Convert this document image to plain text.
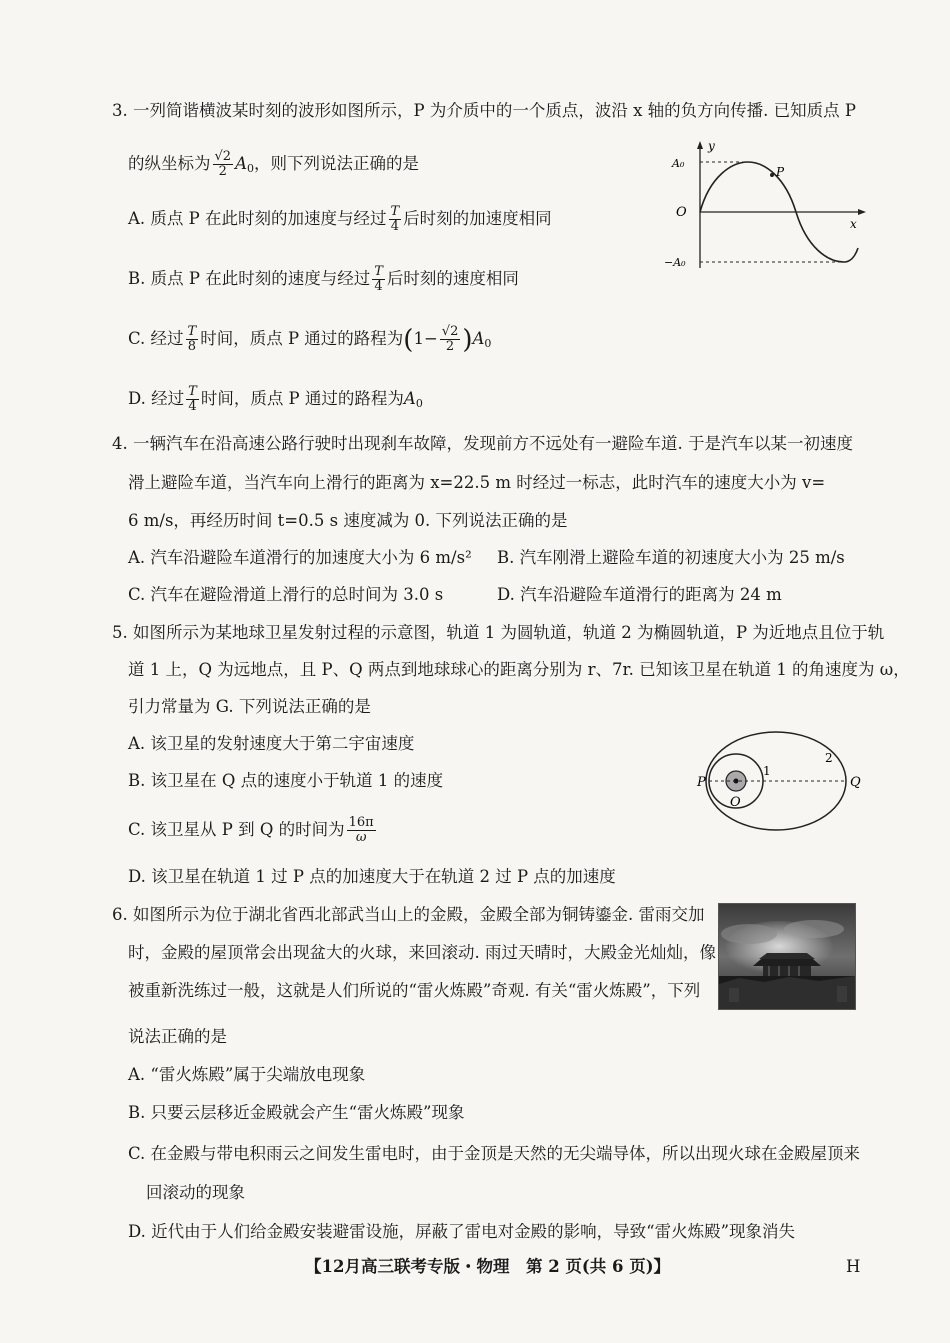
3. 一列简谐横波某时刻的波形如图所示，P 为介质中的一个质点，波沿 x 轴的负方向传播. 已知质点 P
的纵坐标为 $\frac{√2}{2} A_0$，则下列说法正确的是
A. 质点 P 在此时刻的加速度与经过 $\frac{T}{4}$ 后时刻的加速度相同
B. 质点 P 在此时刻的速度与经过 $\frac{T}{4}$ 后时刻的速度相同
C. 经过 $\frac{T}{8}$ 时间，质点 P 通过的路程为$(1- \frac{√2}{2} )A_0$
D. 经过 $\frac{T}{4}$ 时间，质点 P 通过的路程为$A_0$
y
x
O
A₀
−A₀
P
4. 一辆汽车在沿高速公路行驶时出现刹车故障，发现前方不远处有一避险车道. 于是汽车以某一初速度
滑上避险车道，当汽车向上滑行的距离为 x=22.5 m 时经过一标志，此时汽车的速度大小为 v=
6 m/s，再经历时间 t=0.5 s 速度减为 0. 下列说法正确的是
A. 汽车沿避险车道滑行的加速度大小为 6 m/s² B. 汽车刚滑上避险车道的初速度大小为 25 m/s
C. 汽车在避险滑道上滑行的总时间为 3.0 s	D. 汽车沿避险车道滑行的距离为 24 m
5. 如图所示为某地球卫星发射过程的示意图，轨道 1 为圆轨道，轨道 2 为椭圆轨道，P 为近地点且位于轨
道 1 上，Q 为远地点，且 P、Q 两点到地球球心的距离分别为 r、7r. 已知该卫星在轨道 1 的角速度为 ω，
引力常量为 G. 下列说法正确的是
A. 该卫星的发射速度大于第二宇宙速度
B. 该卫星在 Q 点的速度小于轨道 1 的速度
C. 该卫星从 P 到 Q 的时间为 $\frac{16\pi}{\omega}$
D. 该卫星在轨道 1 过 P 点的加速度大于在轨道 2 过 P 点的加速度
P	Q
O
1
2
6. 如图所示为位于湖北省西北部武当山上的金殿，金殿全部为铜铸鎏金. 雷雨交加
时，金殿的屋顶常会出现盆大的火球，来回滚动. 雨过天晴时，大殿金光灿灿，像
被重新洗练过一般，这就是人们所说的“雷火炼殿”奇观. 有关“雷火炼殿”，下列
说法正确的是
A. “雷火炼殿”属于尖端放电现象
B. 只要云层移近金殿就会产生“雷火炼殿”现象
C. 在金殿与带电积雨云之间发生雷电时，由于金顶是天然的无尖端导体，所以出现火球在金殿屋顶来
回滚动的现象
D. 近代由于人们给金殿安装避雷设施，屏蔽了雷电对金殿的影响，导致“雷火炼殿”现象消失
【12月高三联考专版・物理　第 2 页(共 6 页)】	H
